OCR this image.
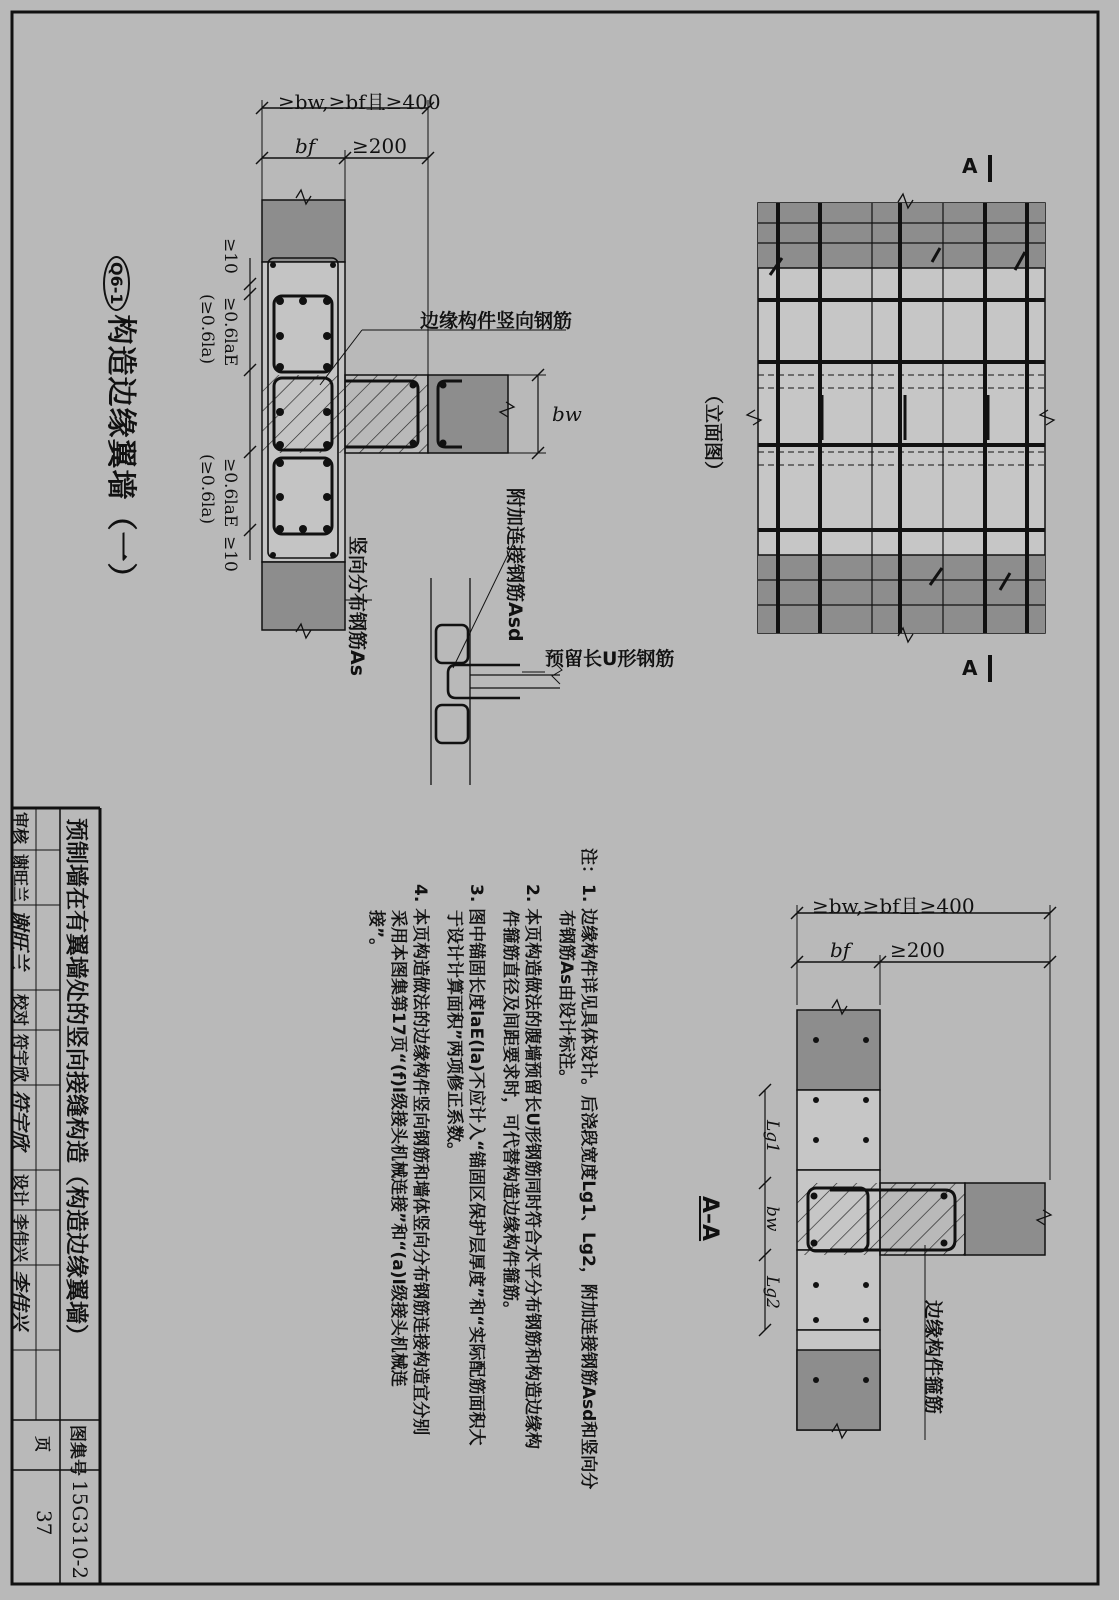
Q6-1构造边缘翼墙（一）
≥bw,≥bf且≥400
bf ≥200
≥10
≥0.6laE
(≥0.6la)
≥0.6laE
(≥0.6la)
≥10
bw
边缘构件竖向钢筋
竖向分布钢筋As	附加连接钢筋Asd
预留长U形钢筋
（立面图）
A
A
≥bw,≥bf且≥400
bf ≥200
A–A
Lg1
bw
Lg2
边缘构件箍筋
注：
1. 边缘构件详见具体设计。后浇段宽度Lg1、Lg2，附加连接钢筋Asd和竖向分
布钢筋As由设计标注。
2. 本页构造做法的腹墙预留长U形钢筋同时符合水平分布钢筋和构造边缘构
件箍筋直径及间距要求时，可代替构造边缘构件箍筋。
3. 图中锚固长度laE(la)不应计入“锚固区保护层厚度”和“实际配筋面积大
于设计计算面积”两项修正系数。
4. 本页构造做法的边缘构件竖向钢筋和墙体竖向分布钢筋连接构造宜分别
采用本图集第17页“(f)Ⅰ级接头机械连接”和“(a)Ⅰ级接头机械连
接”。
预制墙在有翼墙处的竖向接缝构造（构造边缘翼墙）
图集号
15G310-2
页
37
审核
谢旺兰
谢旺兰
校对
符宇欣
符宇欣
设计
李伟兴
李伟兴
